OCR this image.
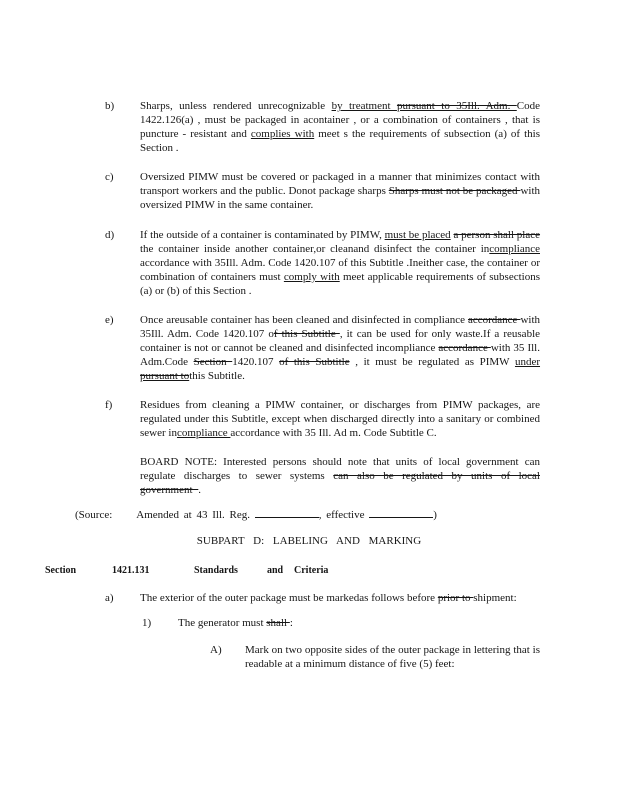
b)	Sharps, unless rendered unrecognizable by treatment pursuant to 35Ill. Adm. Code 1422.126(a) , must be packaged in acontainer , or a combination of containers , that is puncture - resistant and complies with meet s the requirements of subsection (a) of this Section .
c)	Oversized PIMW must be covered or packaged in a manner that minimizes contact with transport workers and the public. Donot package sharps Sharps must not be packaged with oversized PIMW in the same container.
d)	If the outside of a container is contaminated by PIMW, must be placed a person shall place the container inside another container,or cleanand disinfect the container incompliance accordance with 35Ill. Adm. Code 1420.107 of this Subtitle .Ineither case, the container or combination of containers must comply with meet applicable requirements of subsections (a) or (b) of this Section .
e)	Once areusable container has been cleaned and disinfected in compliance accordance with 35Ill. Adm. Code 1420.107 of this Subtitle , it can be used for only waste.If a reusable container is not or cannot be cleaned and disinfected incompliance accordance with 35 Ill. Adm.Code Section 1420.107 of this Subtitle , it must be regulated as PIMW under pursuant tothis Subtitle.
f)	Residues from cleaning a PIMW container, or discharges from PIMW packages, are regulated under this Subtitle, except when discharged directly into a sanitary or combined sewer incompliance accordance with 35 Ill. Ad m. Code Subtitle C.
BOARD NOTE: Interested persons should note that units of local government can regulate discharges to sewer systems can also be regulated by units of local government .
(Source: Amended at 43 Ill. Reg.	, effective	)
SUBPART D: LABELING AND MARKING
Section	1421.131	Standards	and Criteria
a)	The exterior of the outer package must be markedas follows before prior to shipment:
1)	The generator must shall :
A)	Mark on two opposite sides of the outer package in lettering that is readable at a minimum distance of five (5) feet:
